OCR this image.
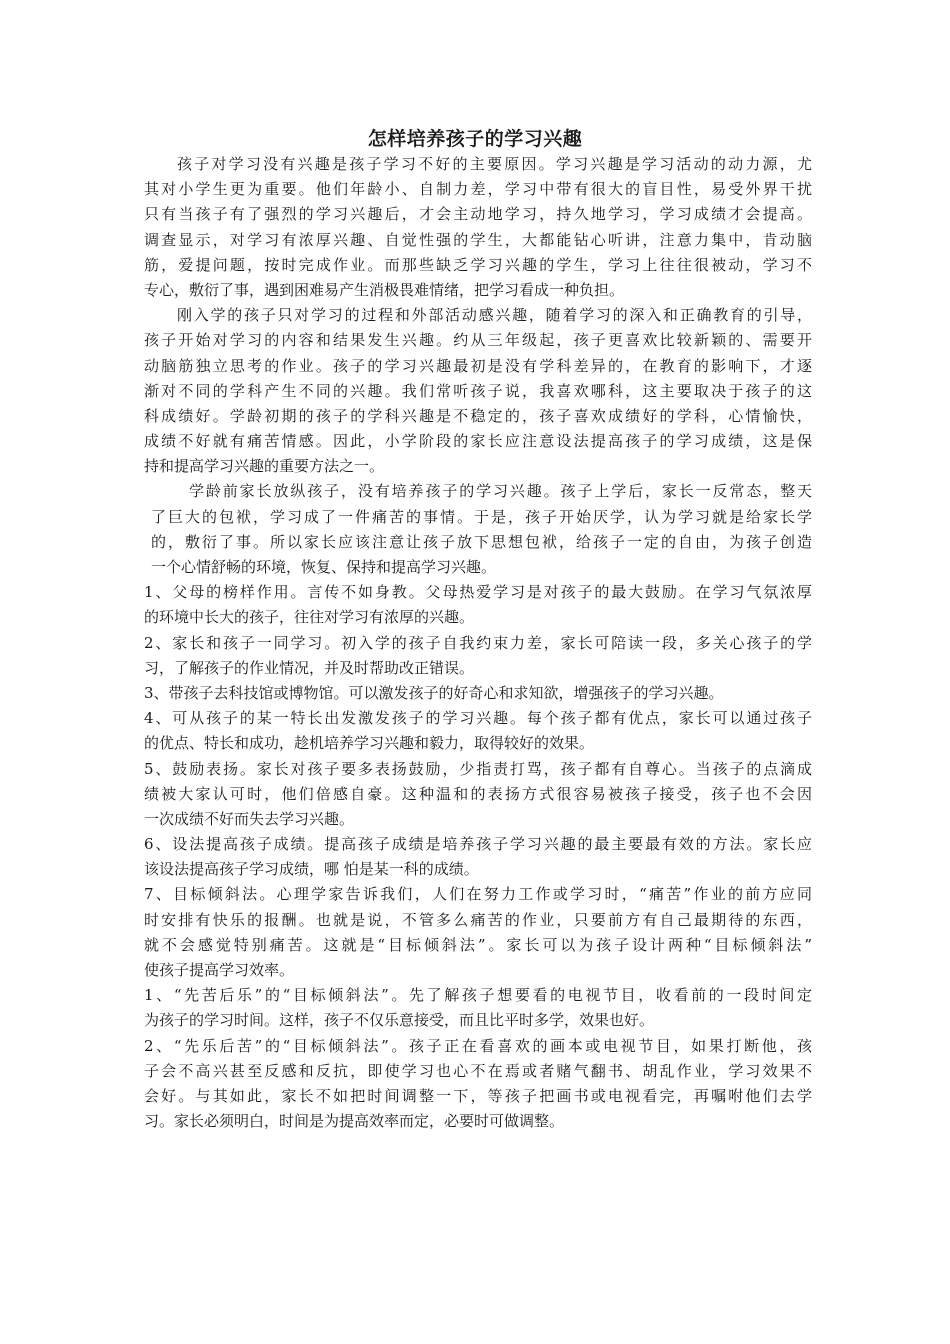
怎样培养孩子的学习兴趣
孩子对学习没有兴趣是孩子学习不好的主要原因。学习兴趣是学习活动的动力源，尤
其对小学生更为重要。他们年龄小、自制力差，学习中带有很大的盲目性，易受外界干扰
只有当孩子有了强烈的学习兴趣后，才会主动地学习，持久地学习，学习成绩才会提高。
调查显示，对学习有浓厚兴趣、自觉性强的学生，大都能钻心听讲，注意力集中，肯动脑
筋，爱提问题，按时完成作业。而那些缺乏学习兴趣的学生，学习上往往很被动，学习不
专心，敷衍了事，遇到困难易产生消极畏难情绪，把学习看成一种负担。
刚入学的孩子只对学习的过程和外部活动感兴趣，随着学习的深入和正确教育的引导，
孩子开始对学习的内容和结果发生兴趣。约从三年级起，孩子更喜欢比较新颖的、需要开
动脑筋独立思考的作业。孩子的学习兴趣最初是没有学科差异的，在教育的影响下，才逐
渐对不同的学科产生不同的兴趣。我们常听孩子说，我喜欢哪科，这主要取决于孩子的这
科成绩好。学龄初期的孩子的学科兴趣是不稳定的，孩子喜欢成绩好的学科，心情愉快，
成绩不好就有痛苦情感。因此，小学阶段的家长应注意设法提高孩子的学习成绩，这是保
持和提高学习兴趣的重要方法之一。
学龄前家长放纵孩子，没有培养孩子的学习兴趣。孩子上学后，家长一反常态，整天
了巨大的包袱，学习成了一件痛苦的事情。于是，孩子开始厌学，认为学习就是给家长学
的，敷衍了事。所以家长应该注意让孩子放下思想包袱，给孩子一定的自由，为孩子创造
一个心情舒畅的环境，恢复、保持和提高学习兴趣。
1、父母的榜样作用。言传不如身教。父母热爱学习是对孩子的最大鼓励。在学习气氛浓厚
的环境中长大的孩子，往往对学习有浓厚的兴趣。
2、家长和孩子一同学习。初入学的孩子自我约束力差，家长可陪读一段，多关心孩子的学
习，了解孩子的作业情况，并及时帮助改正错误。
3、带孩子去科技馆或博物馆。可以激发孩子的好奇心和求知欲，增强孩子的学习兴趣。
4、可从孩子的某一特长出发激发孩子的学习兴趣。每个孩子都有优点，家长可以通过孩子
的优点、特长和成功，趁机培养学习兴趣和毅力，取得较好的效果。
5、鼓励表扬。家长对孩子要多表扬鼓励，少指责打骂，孩子都有自尊心。当孩子的点滴成
绩被大家认可时，他们倍感自豪。这种温和的表扬方式很容易被孩子接受，孩子也不会因
一次成绩不好而失去学习兴趣。
6、设法提高孩子成绩。提高孩子成绩是培养孩子学习兴趣的最主要最有效的方法。家长应
该设法提高孩子学习成绩，哪 怕是某一科的成绩。
7、目标倾斜法。心理学家告诉我们，人们在努力工作或学习时，“痛苦”作业的前方应同
时安排有快乐的报酬。也就是说，不管多么痛苦的作业，只要前方有自己最期待的东西，
就不会感觉特别痛苦。这就是“目标倾斜法”。家长可以为孩子设计两种“目标倾斜法”
使孩子提高学习效率。
1、“先苦后乐”的“目标倾斜法”。先了解孩子想要看的电视节目，收看前的一段时间定
为孩子的学习时间。这样，孩子不仅乐意接受，而且比平时多学，效果也好。
2、“先乐后苦”的“目标倾斜法”。孩子正在看喜欢的画本或电视节目，如果打断他，孩
子会不高兴甚至反感和反抗，即使学习也心不在焉或者赌气翻书、胡乱作业，学习效果不
会好。与其如此，家长不如把时间调整一下，等孩子把画书或电视看完，再嘱咐他们去学
习。家长必须明白，时间是为提高效率而定，必要时可做调整。
